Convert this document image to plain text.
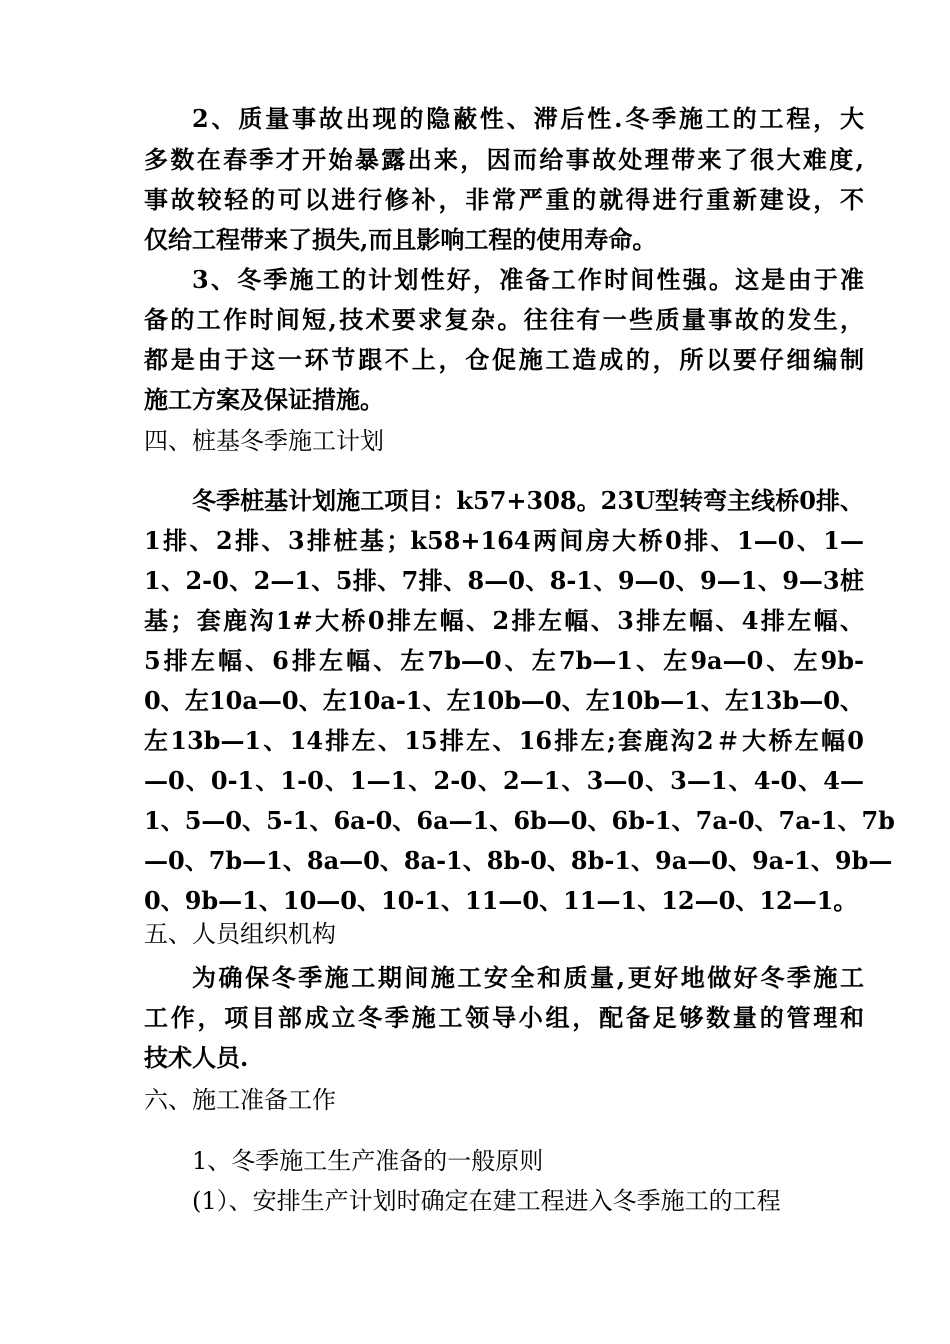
2、质量事故出现的隐蔽性、滞后性.冬季施工的工程，大
多数在春季才开始暴露出来，因而给事故处理带来了很大难度,
事故较轻的可以进行修补，非常严重的就得进行重新建设，不
仅给工程带来了损失,而且影响工程的使用寿命。
3、冬季施工的计划性好，准备工作时间性强。这是由于准
备的工作时间短,技术要求复杂。往往有一些质量事故的发生，
都是由于这一环节跟不上，仓促施工造成的，所以要仔细编制
施工方案及保证措施。
四、桩基冬季施工计划
冬季桩基计划施工项目：k57+308。23U型转弯主线桥0排、
1排、2排、3排桩基；k58+164两间房大桥0排、1—0、1—
1、2-0、2—1、5排、7排、8—0、8-1、9—0、9—1、9—3桩
基；套鹿沟1#大桥0排左幅、2排左幅、3排左幅、4排左幅、
5排左幅、6排左幅、左7b—0、左7b—1、左9a—0、左9b-
0、左10a—0、左10a-1、左10b—0、左10b—1、左13b—0、
左13b—1、14排左、15排左、16排左;套鹿沟2＃大桥左幅0
—0、0-1、1-0、1—1、2-0、2—1、3—0、3—1、4-0、4—
1、5—0、5-1、6a-0、6a—1、6b—0、6b-1、7a-0、7a-1、7b
—0、7b—1、8a—0、8a-1、8b-0、8b-1、9a—0、9a-1、9b—
0、9b—1、10—0、10-1、11—0、11—1、12—0、12—1。
五、人员组织机构
为确保冬季施工期间施工安全和质量,更好地做好冬季施工
工作，项目部成立冬季施工领导小组，配备足够数量的管理和
技术人员.
六、施工准备工作
1、冬季施工生产准备的一般原则
(1）、安排生产计划时确定在建工程进入冬季施工的工程
